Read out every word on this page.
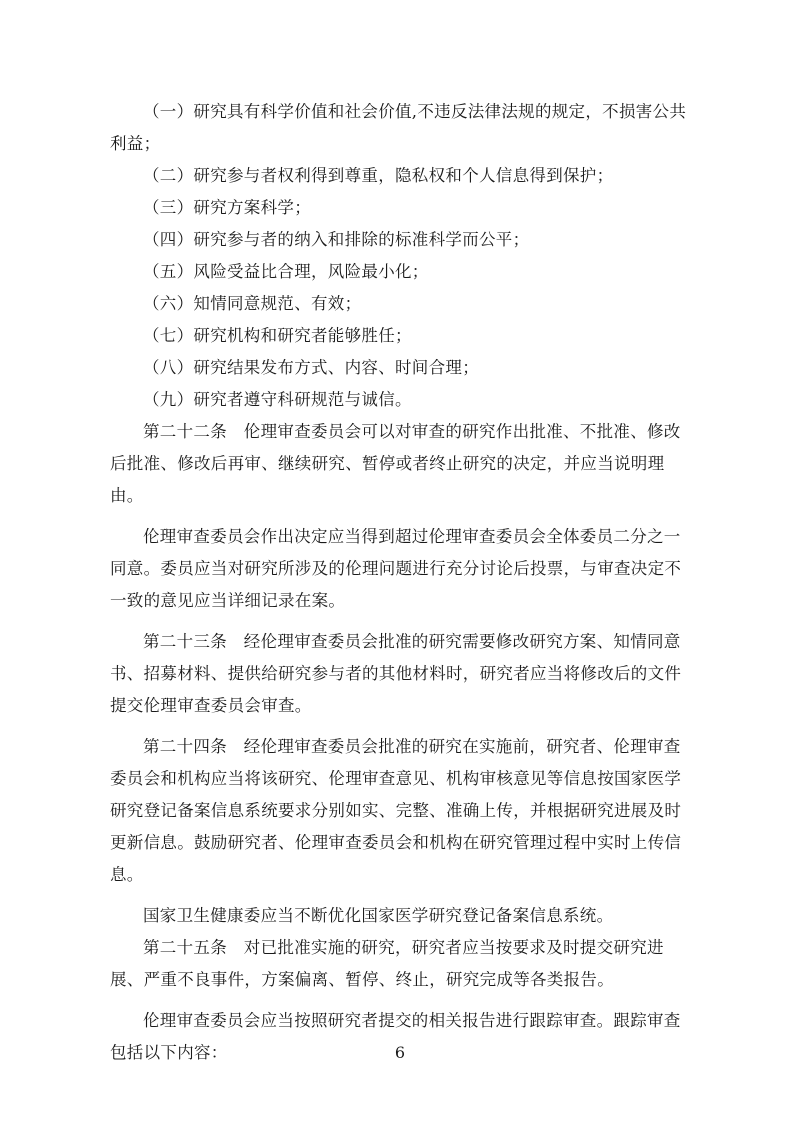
（一）研究具有科学价值和社会价值,不违反法律法规的规定，不损害公共利益；

（二）研究参与者权利得到尊重，隐私权和个人信息得到保护；

（三）研究方案科学；

（四）研究参与者的纳入和排除的标准科学而公平；

（五）风险受益比合理，风险最小化；

（六）知情同意规范、有效；

（七）研究机构和研究者能够胜任；

（八）研究结果发布方式、内容、时间合理；

（九）研究者遵守科研规范与诚信。

第二十二条　伦理审查委员会可以对审查的研究作出批准、不批准、修改后批准、修改后再审、继续研究、暂停或者终止研究的决定，并应当说明理由。

伦理审查委员会作出决定应当得到超过伦理审查委员会全体委员二分之一同意。委员应当对研究所涉及的伦理问题进行充分讨论后投票，与审查决定不一致的意见应当详细记录在案。

第二十三条　经伦理审查委员会批准的研究需要修改研究方案、知情同意书、招募材料、提供给研究参与者的其他材料时，研究者应当将修改后的文件提交伦理审查委员会审查。

第二十四条　经伦理审查委员会批准的研究在实施前，研究者、伦理审查委员会和机构应当将该研究、伦理审查意见、机构审核意见等信息按国家医学研究登记备案信息系统要求分别如实、完整、准确上传，并根据研究进展及时更新信息。鼓励研究者、伦理审查委员会和机构在研究管理过程中实时上传信息。

国家卫生健康委应当不断优化国家医学研究登记备案信息系统。

第二十五条　对已批准实施的研究，研究者应当按要求及时提交研究进展、严重不良事件，方案偏离、暂停、终止，研究完成等各类报告。

伦理审查委员会应当按照研究者提交的相关报告进行跟踪审查。跟踪审查包括以下内容：	6
